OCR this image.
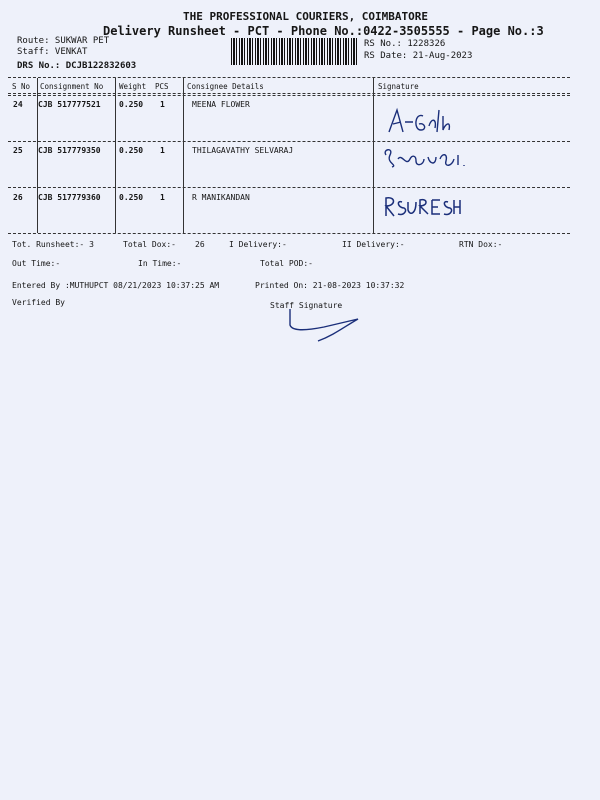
THE PROFESSIONAL COURIERS, COIMBATORE
Delivery Runsheet - PCT - Phone No.:0422-3505555 - Page No.:3
Route: SUKWAR PET
Staff: VENKAT
DRS No.: DCJB122832603
RS No.: 1228326
RS Date: 21-Aug-2023
S No Consignment No Weight PCS Consignee Details	Signature
24 CJB 517777521 0.250 1	MEENA FLOWER
25 CJB 517779350 0.250 1	THILAGAVATHY SELVARAJ
26 CJB 517779360 0.250 1	R MANIKANDAN
Tot. Runsheet:- 3	Total Dox:- 26	I Delivery:-	II Delivery:-	RTN Dox:-
Out Time:-	In Time:-	Total POD:-
Entered By :MUTHUPCT 08/21/2023 10:37:25 AM	Printed On: 21-08-2023 10:37:32
Verified By	Staff Signature
